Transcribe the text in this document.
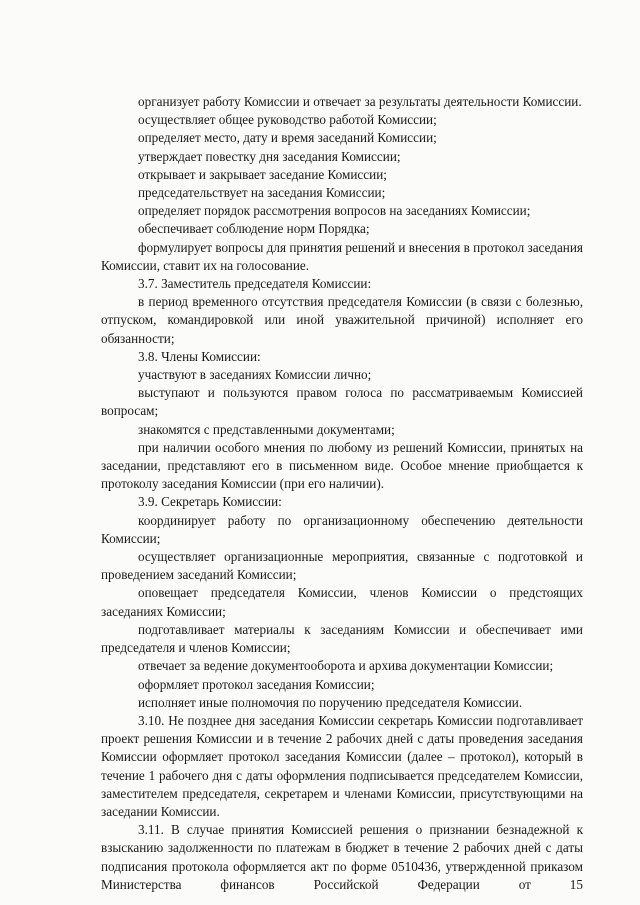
организует работу Комиссии и отвечает за результаты деятельности Комиссии.

осуществляет общее руководство работой Комиссии;

определяет место, дату и время заседаний Комиссии;

утверждает повестку дня заседания Комиссии;

открывает и закрывает заседание Комиссии;

председательствует на заседания Комиссии;

определяет порядок рассмотрения вопросов на заседаниях Комиссии;

обеспечивает соблюдение норм Порядка;

формулирует вопросы для принятия решений и внесения в протокол заседания Комиссии, ставит их на голосование.

3.7. Заместитель председателя Комиссии:

в период временного отсутствия председателя Комиссии (в связи с болезнью, отпуском, командировкой или иной уважительной причиной) исполняет его обязанности;

3.8. Члены Комиссии:

участвуют в заседаниях Комиссии лично;

выступают и пользуются правом голоса по рассматриваемым Комиссией вопросам;

знакомятся с представленными документами;

при наличии особого мнения по любому из решений Комиссии, принятых на заседании, представляют его в письменном виде. Особое мнение приобщается к протоколу заседания Комиссии (при его наличии).

3.9. Секретарь Комиссии:

координирует работу по организационному обеспечению деятельности Комиссии;

осуществляет организационные мероприятия, связанные с подготовкой и проведением заседаний Комиссии;

оповещает председателя Комиссии, членов Комиссии о предстоящих заседаниях Комиссии;

подготавливает материалы к заседаниям Комиссии и обеспечивает ими председателя и членов Комиссии;

отвечает за ведение документооборота и архива документации Комиссии;

оформляет протокол заседания Комиссии;

исполняет иные полномочия по поручению председателя Комиссии.

3.10. Не позднее дня заседания Комиссии секретарь Комиссии подготавливает проект решения Комиссии и в течение 2 рабочих дней с даты проведения заседания Комиссии оформляет протокол заседания Комиссии (далее – протокол), который в течение 1 рабочего дня с даты оформления подписывается председателем Комиссии, заместителем председателя, секретарем и членами Комиссии, присутствующими на заседании Комиссии.

3.11. В случае принятия Комиссией решения о признании безнадежной к взысканию задолженности по платежам в бюджет в течение 2 рабочих дней с даты подписания протокола оформляется акт по форме 0510436, утвержденной приказом Министерства финансов Российской Федерации от 15
